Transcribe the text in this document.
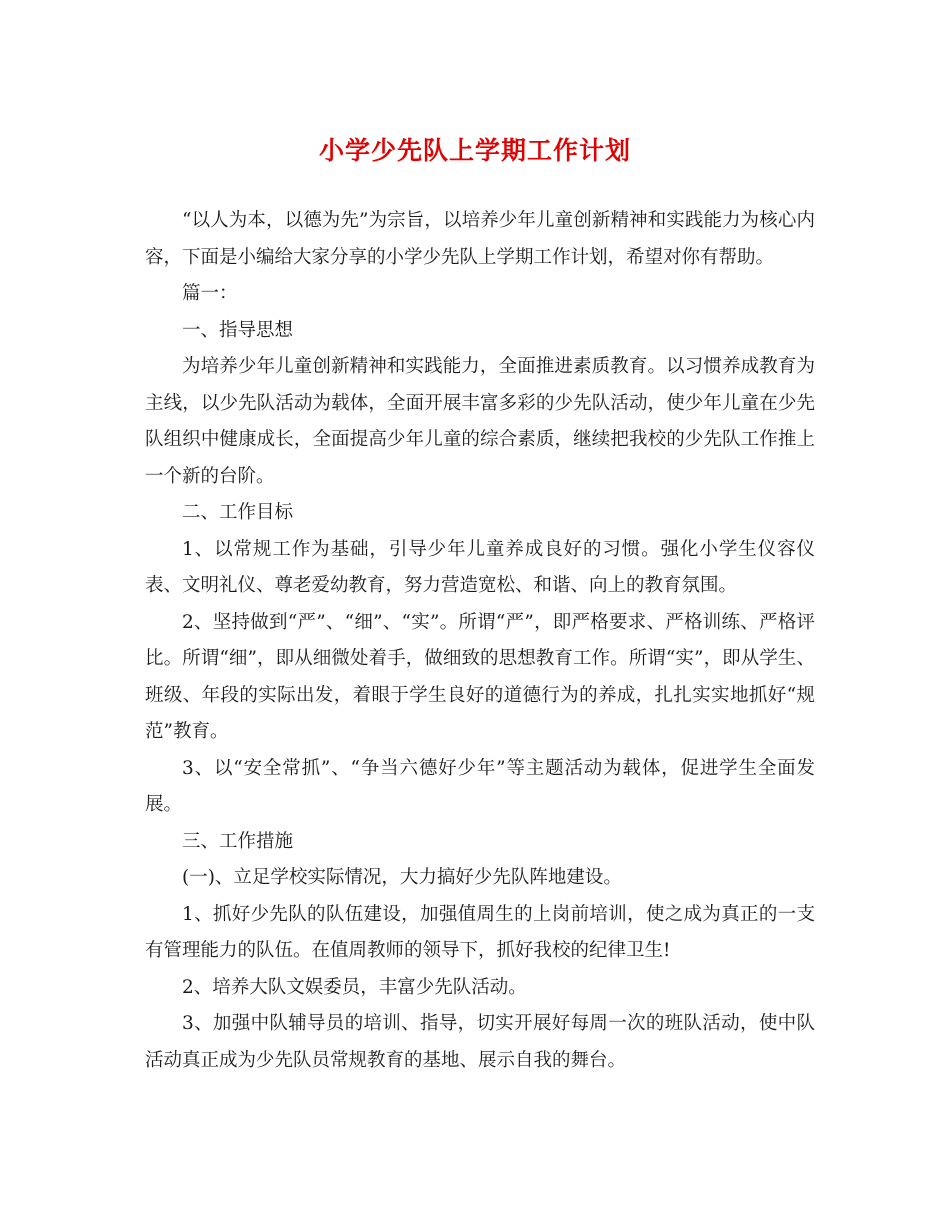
小学少先队上学期工作计划

“以人为本，以德为先”为宗旨，以培养少年儿童创新精神和实践能力为核心内容，下面是小编给大家分享的小学少先队上学期工作计划，希望对你有帮助。

篇一：

一、指导思想

为培养少年儿童创新精神和实践能力，全面推进素质教育。以习惯养成教育为主线，以少先队活动为载体，全面开展丰富多彩的少先队活动，使少年儿童在少先队组织中健康成长，全面提高少年儿童的综合素质，继续把我校的少先队工作推上一个新的台阶。

二、工作目标

1、以常规工作为基础，引导少年儿童养成良好的习惯。强化小学生仪容仪表、文明礼仪、尊老爱幼教育，努力营造宽松、和谐、向上的教育氛围。

2、坚持做到“严”、“细”、“实”。所谓“严”，即严格要求、严格训练、严格评比。所谓“细”，即从细微处着手，做细致的思想教育工作。所谓“实”，即从学生、班级、年段的实际出发，着眼于学生良好的道德行为的养成，扎扎实实地抓好“规范”教育。

3、以“安全常抓”、“争当六德好少年”等主题活动为载体，促进学生全面发展。

三、工作措施

(一)、立足学校实际情况，大力搞好少先队阵地建设。

1、抓好少先队的队伍建设，加强值周生的上岗前培训，使之成为真正的一支有管理能力的队伍。在值周教师的领导下，抓好我校的纪律卫生!

2、培养大队文娱委员，丰富少先队活动。

3、加强中队辅导员的培训、指导，切实开展好每周一次的班队活动，使中队活动真正成为少先队员常规教育的基地、展示自我的舞台。
